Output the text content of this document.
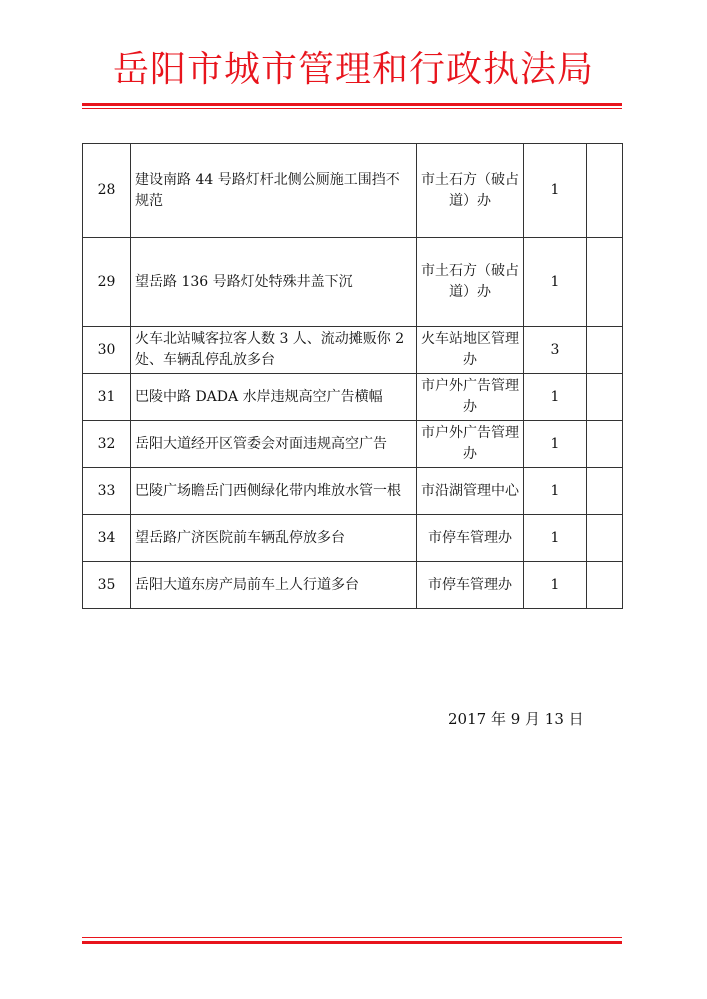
岳阳市城市管理和行政执法局
28	建设南路 44 号路灯杆北侧公厕施工围挡不规范	市土石方（破占道）办	1	
29	望岳路 136 号路灯处特殊井盖下沉	市土石方（破占道）办	1	
30	火车北站喊客拉客人数 3 人、流动摊贩你 2 处、车辆乱停乱放多台	火车站地区管理办	3	
31	巴陵中路 DADA 水岸违规高空广告横幅	市户外广告管理办	1	
32	岳阳大道经开区管委会对面违规高空广告	市户外广告管理办	1	
33	巴陵广场瞻岳门西侧绿化带内堆放水管一根	市沿湖管理中心	1	
34	望岳路广济医院前车辆乱停放多台	市停车管理办	1	
35	岳阳大道东房产局前车上人行道多台	市停车管理办	1	
2017 年 9 月 13 日
